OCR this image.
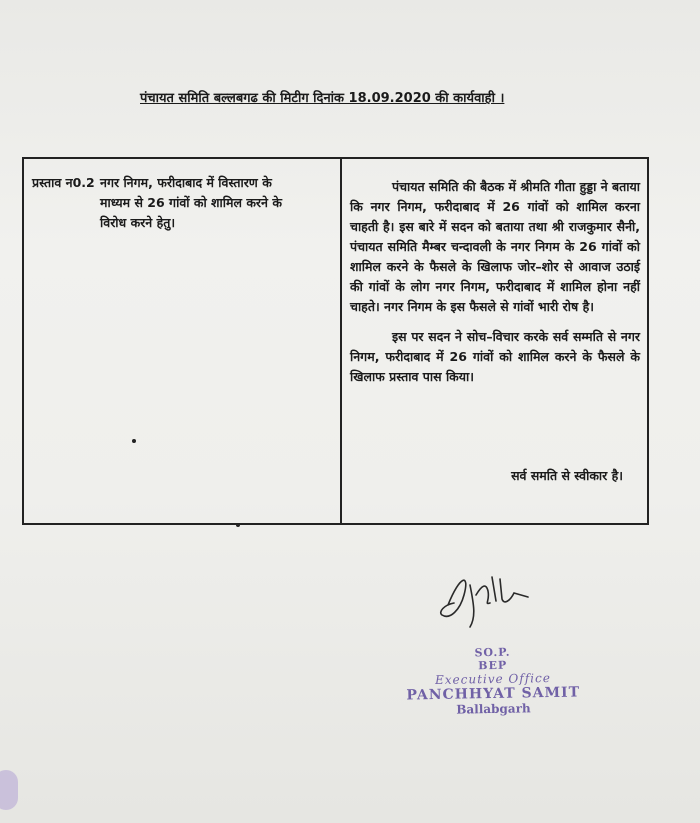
पंचायत समिति बल्लबगढ की मिटीग दिनांक 18.09.2020 की कार्यवाही ।
प्रस्ताव न0.2 नगर निगम, फरीदाबाद में विस्तारण के माध्यम से 26 गांवों को शामिल करने के विरोध करने हेतु।

पंचायत समिति की बैठक में श्रीमति गीता हुड्डा ने बताया कि नगर निगम, फरीदाबाद में 26 गांवों को शामिल करना चाहती है। इस बारे में सदन को बताया तथा श्री राजकुमार सैनी, पंचायत समिति मैम्बर चन्दावली के नगर निगम के 26 गांवों को शामिल करने के फैसले के खिलाफ जोर–शोर से आवाज उठाई की गांवों के लोग नगर निगम, फरीदाबाद में शामिल होना नहीं चाहते। नगर निगम के इस फैसले से गांवों भारी रोष है।

इस पर सदन ने सोच–विचार करके सर्व सम्मति से नगर निगम, फरीदाबाद में 26 गांवों को शामिल करने के फैसले के खिलाफ प्रस्ताव पास किया।

सर्व समति से स्वीकार है।
SO.P.
BEP
Executive Office
PANCHHYAT SAMIT
Ballabgarh
